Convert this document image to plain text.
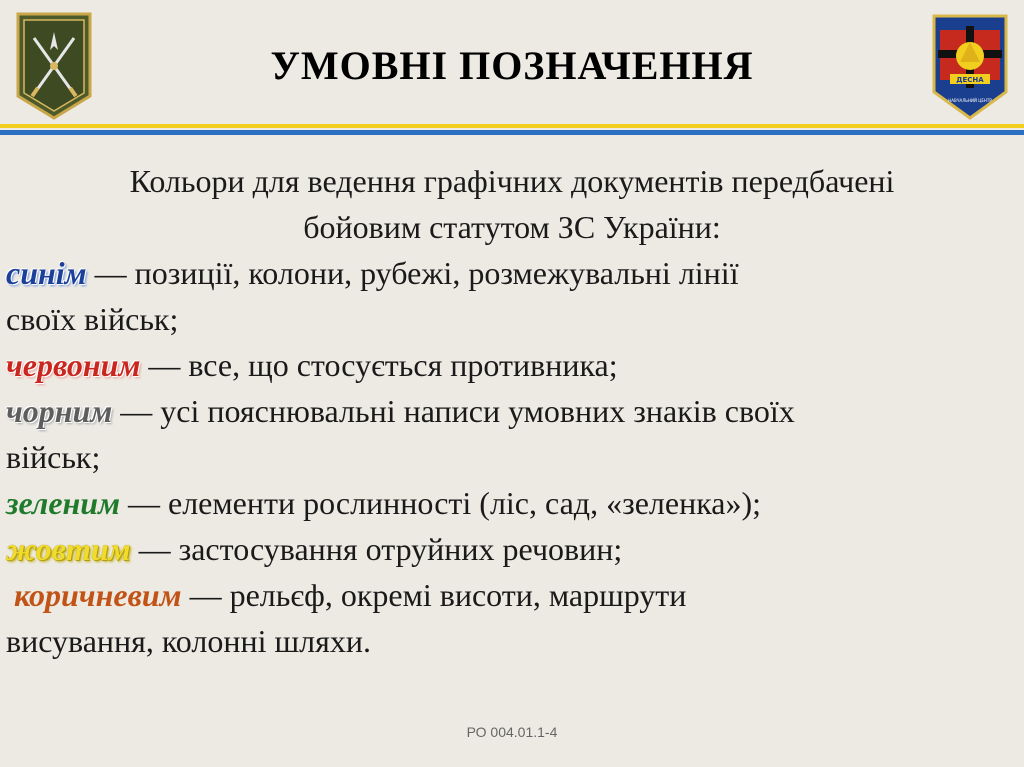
УМОВНІ ПОЗНАЧЕННЯ	ДЕСНА
НАВЧАЛЬНИЙ ЦЕНТР
Кольори для ведення графічних документів передбачені
бойовим статутом ЗС України:

синім — позиції, колони, рубежі, розмежувальні лінії
своїх військ;

червоним — все, що стосується противника;

чорним — усі пояснювальні написи умовних знаків своїх
військ;

зеленим — елементи рослинності (ліс, сад, «зеленка»);

жовтим — застосування отруйних речовин;

коричневим — рельєф, окремі висоти, маршрути
висування, колонні шляхи.

РО 004.01.1-4
